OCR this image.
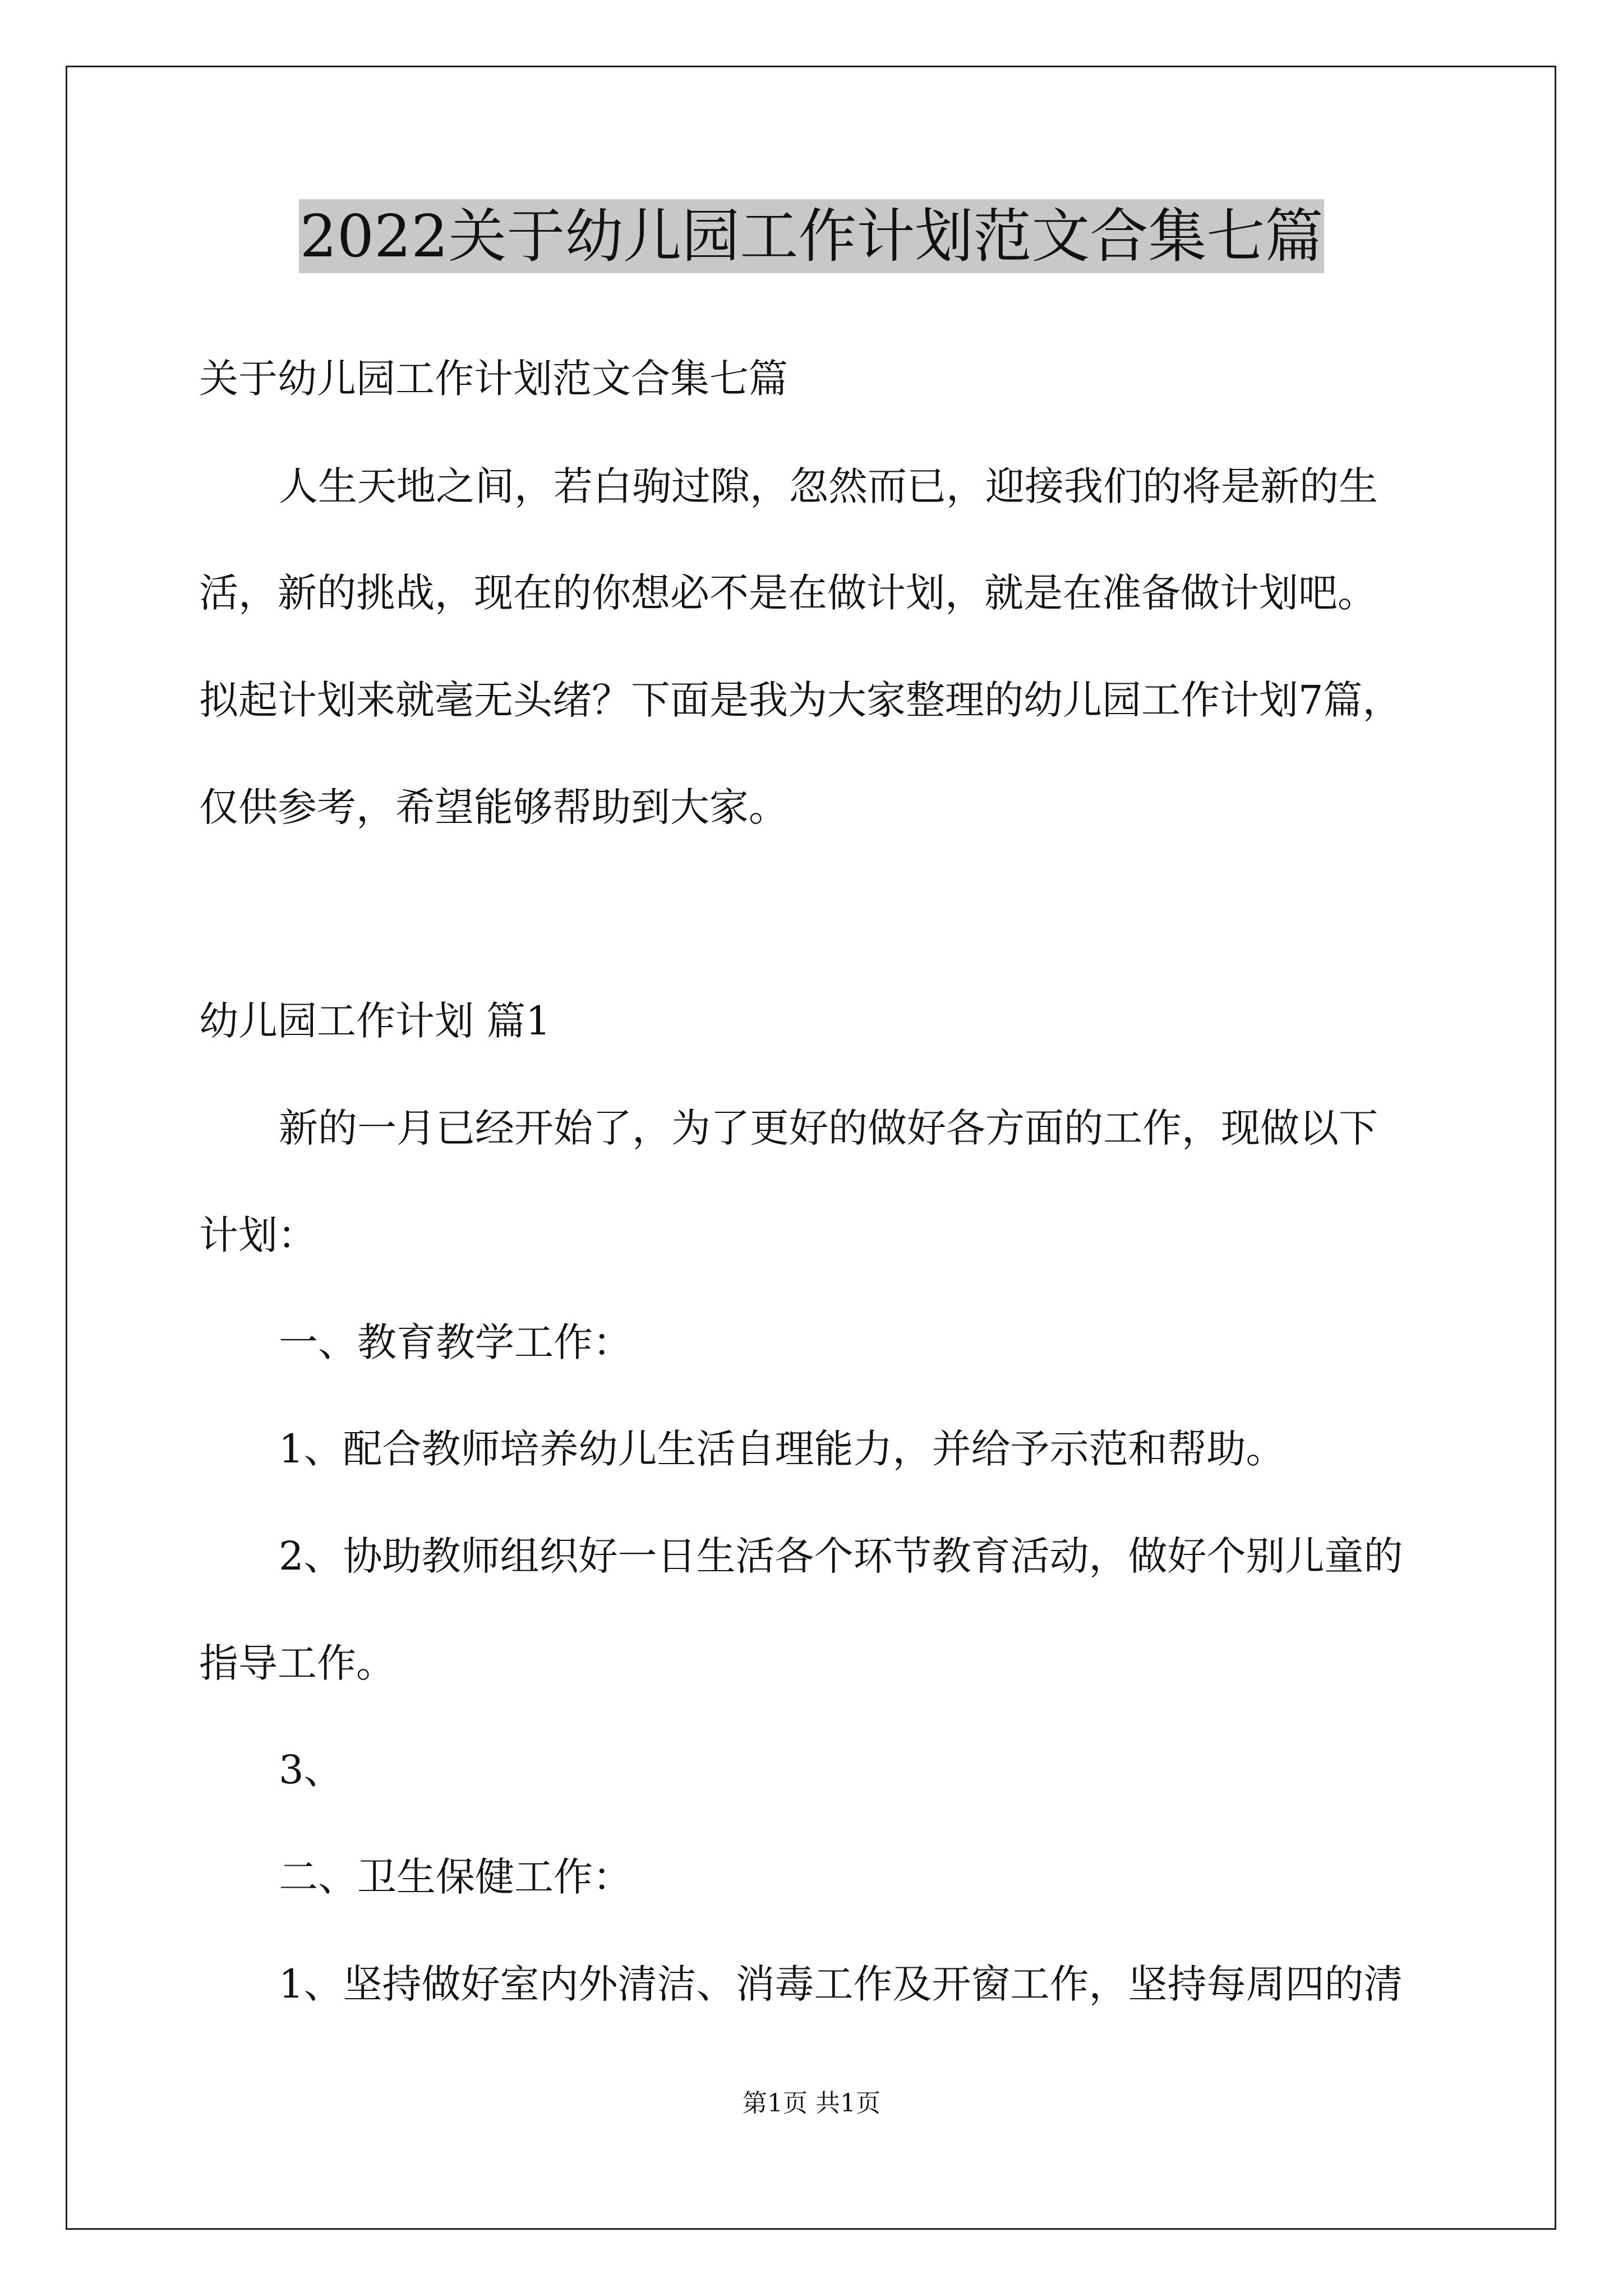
2022关于幼儿园工作计划范文合集七篇
关于幼儿园工作计划范文合集七篇
人生天地之间，若白驹过隙，忽然而已，迎接我们的将是新的生
活，新的挑战，现在的你想必不是在做计划，就是在准备做计划吧。
拟起计划来就毫无头绪？下面是我为大家整理的幼儿园工作计划7篇，
仅供参考，希望能够帮助到大家。
幼儿园工作计划 篇1
新的一月已经开始了，为了更好的做好各方面的工作，现做以下
计划：
一、教育教学工作：
1、配合教师培养幼儿生活自理能力，并给予示范和帮助。
2、协助教师组织好一日生活各个环节教育活动，做好个别儿童的
指导工作。
3、
二、卫生保健工作：
1、坚持做好室内外清洁、消毒工作及开窗工作，坚持每周四的清
第1页 共1页
